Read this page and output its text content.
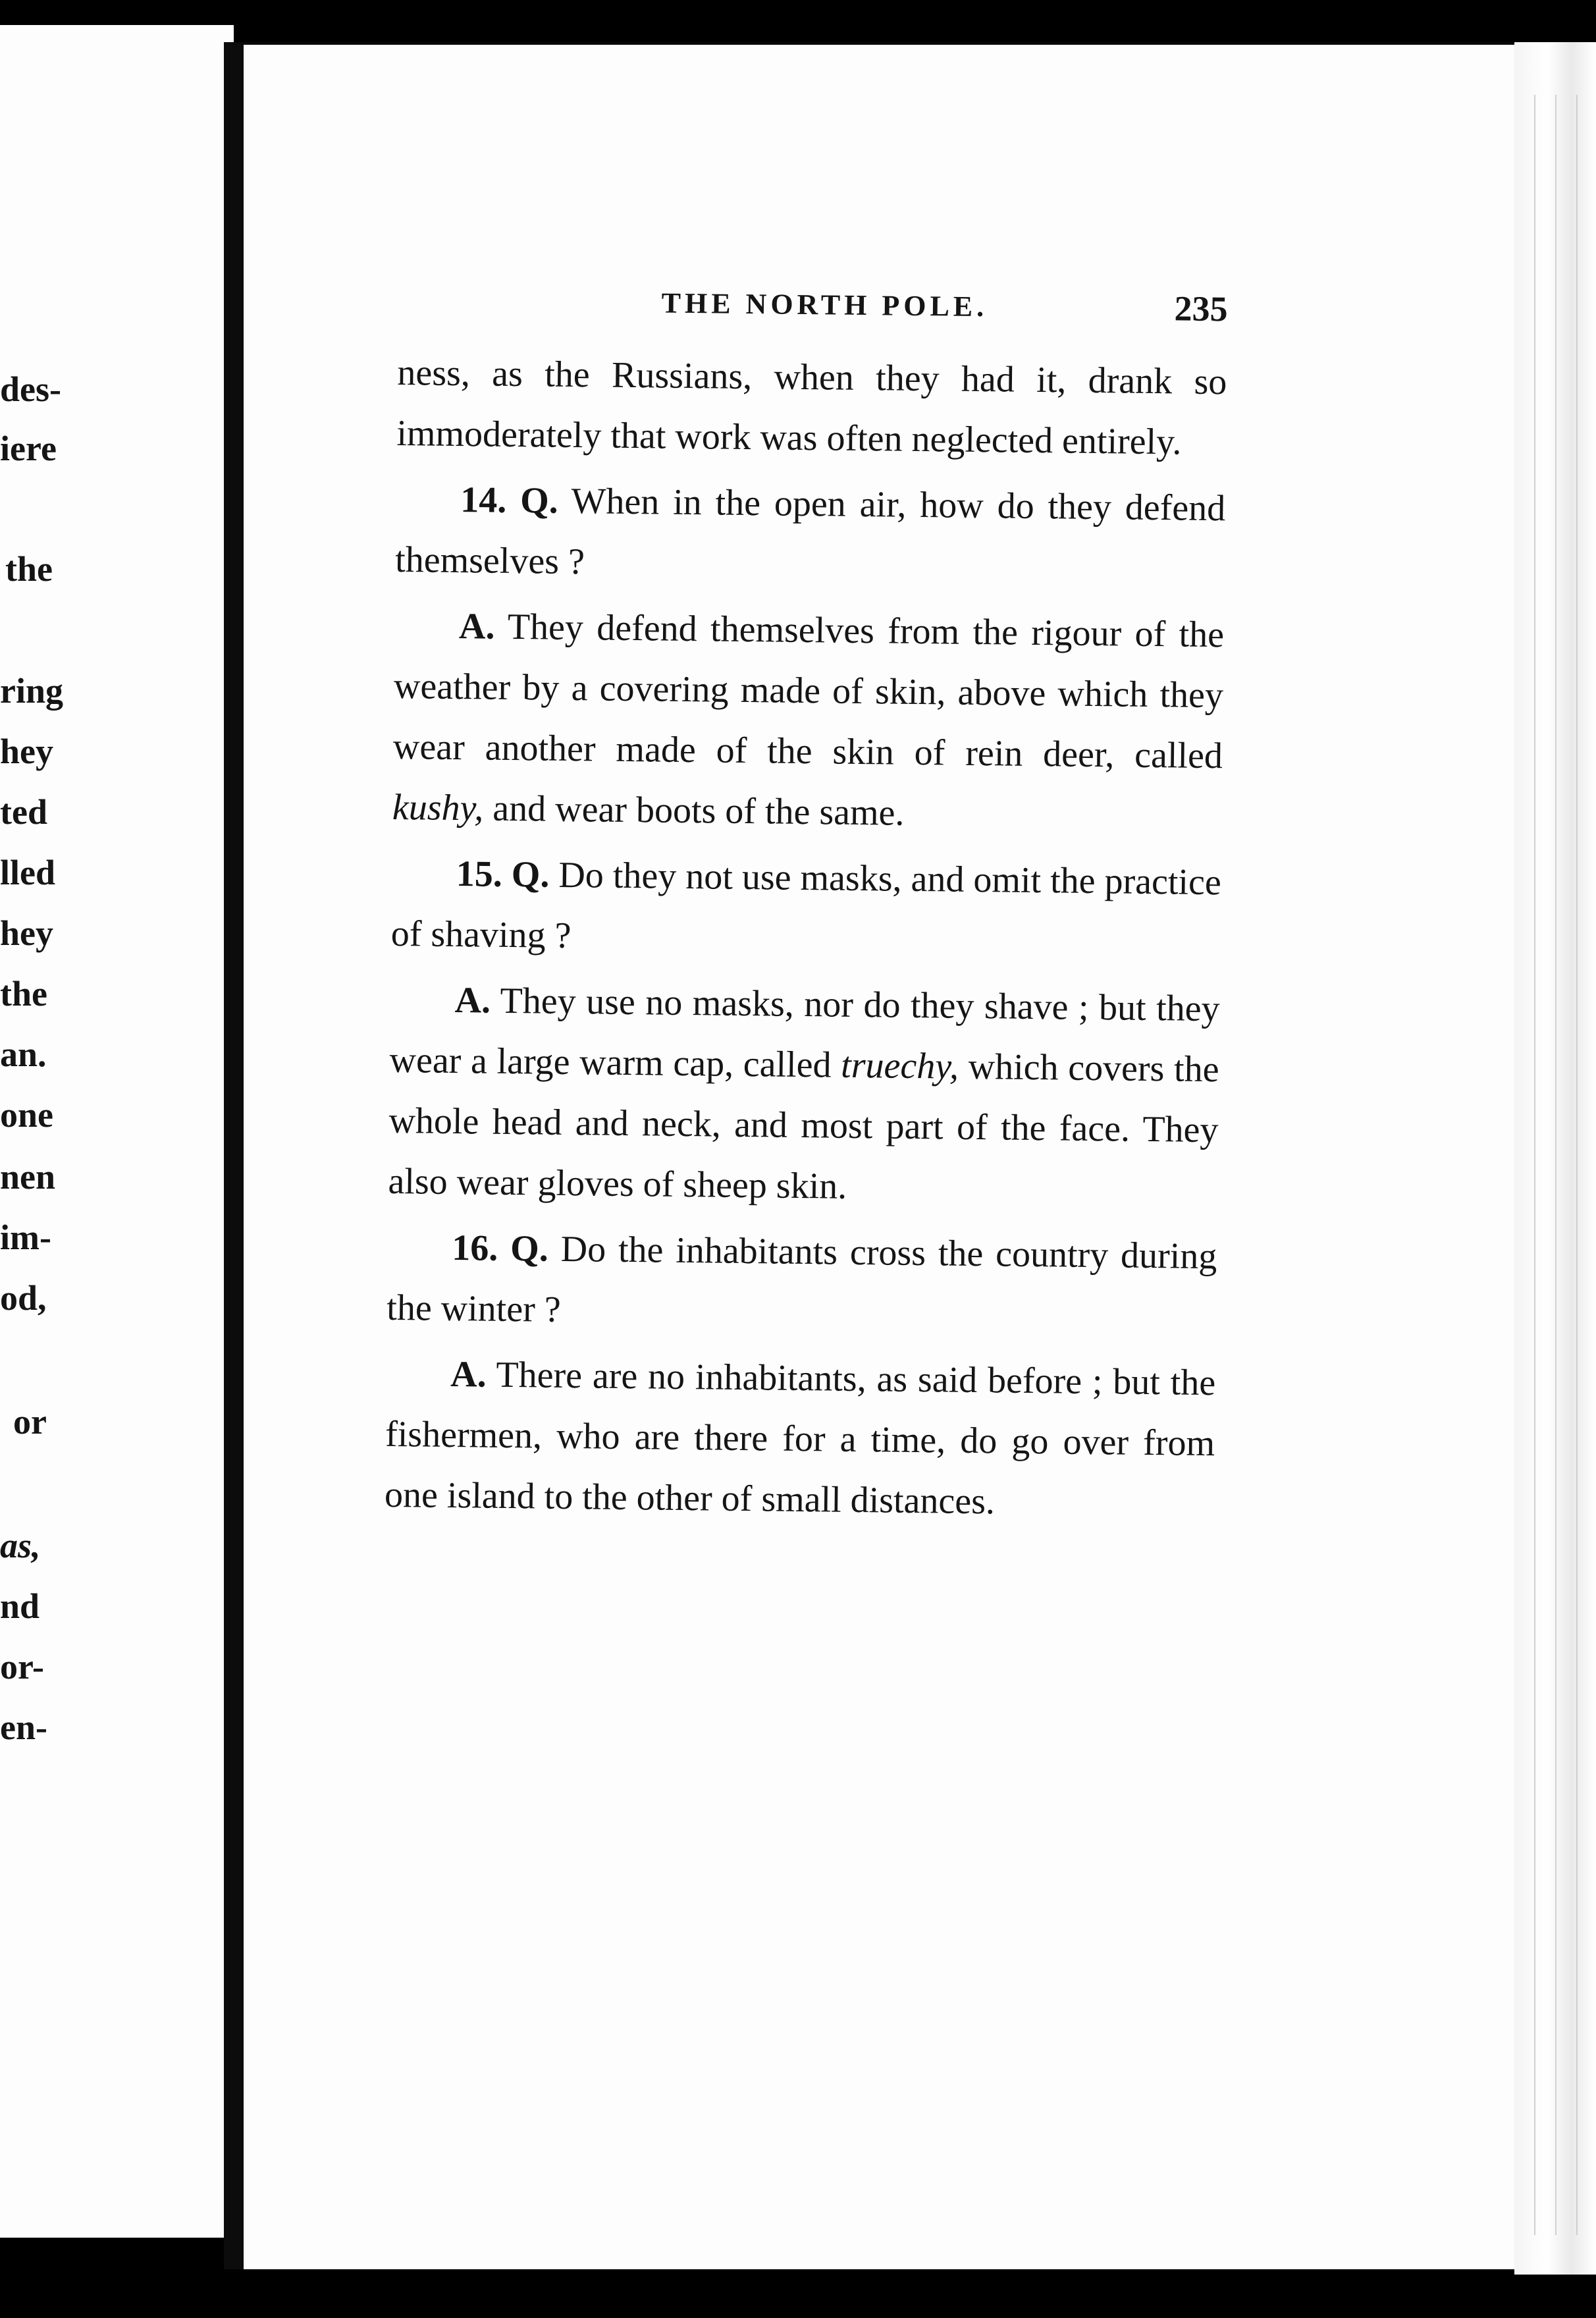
des-

iere

the

ring

hey

ted

lled

hey

the

an.

one

nen

im-

od,

or

as,

nd

or-

en-

THE NORTH POLE.	235

ness, as the Russians, when they had it, drank so immoderately that work was often neglected entirely.

14. Q. When in the open air, how do they defend themselves ?

A. They defend themselves from the rigour of the weather by a covering made of skin, above which they wear another made of the skin of rein deer, called kushy, and wear boots of the same.

15. Q. Do they not use masks, and omit the practice of shaving ?

A. They use no masks, nor do they shave ; but they wear a large warm cap, called truechy, which covers the whole head and neck, and most part of the face. They also wear gloves of sheep skin.

16. Q. Do the inhabitants cross the country during the winter ?

A. There are no inhabitants, as said before ; but the fishermen, who are there for a time, do go over from one island to the other of small distances.
